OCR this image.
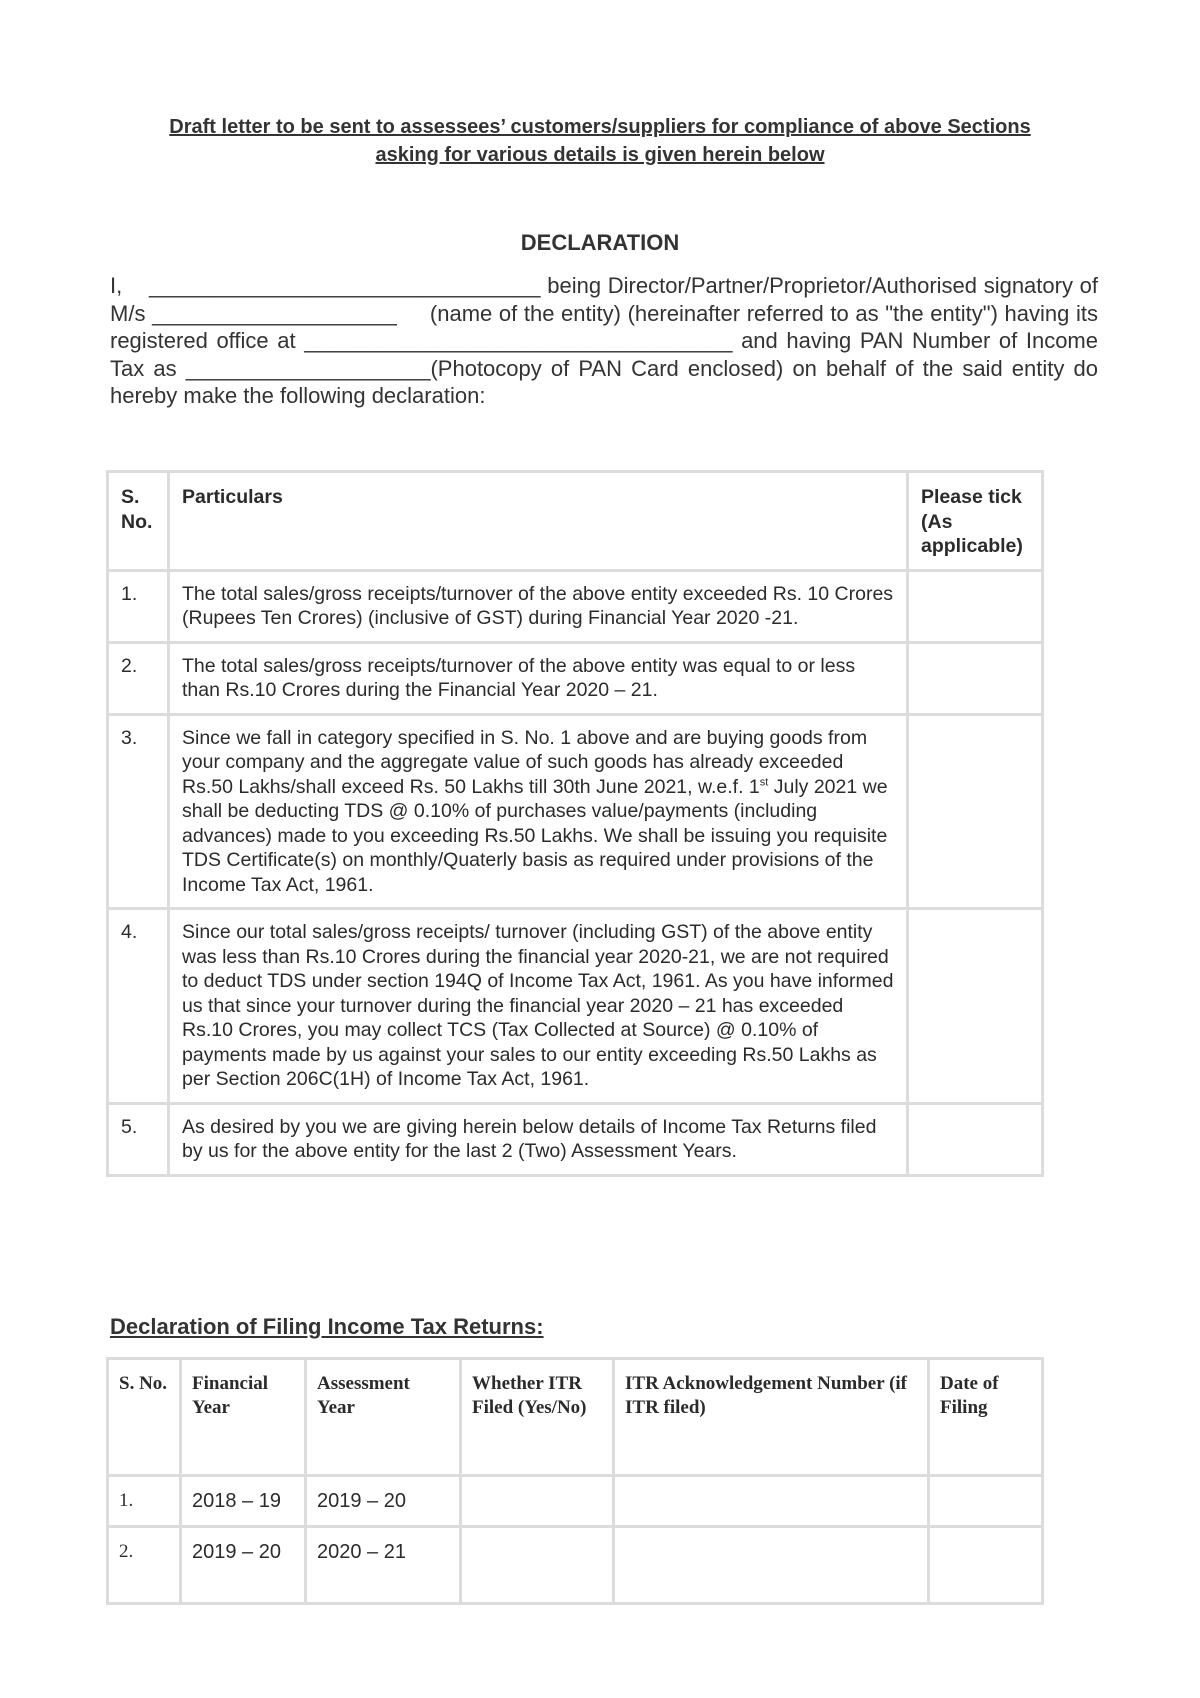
Draft letter to be sent to assessees’ customers/suppliers for compliance of above Sections
asking for various details is given herein below
DECLARATION
I, ________________________________ being Director/Partner/Proprietor/Authorised signatory of M/s ____________________     (name of the entity) (hereinafter referred to as "the entity") having its registered office at ___________________________________ and having PAN Number of Income Tax as ____________________(Photocopy of PAN Card enclosed) on behalf of the said entity do hereby make the following declaration:
S. No.	Particulars	Please tick (As applicable)
1.	The total sales/gross receipts/turnover of the above entity exceeded Rs. 10 Crores (Rupees Ten Crores) (inclusive of GST) during Financial Year 2020 -21.	
2.	The total sales/gross receipts/turnover of the above entity was equal to or less than Rs.10 Crores during the Financial Year 2020 – 21.	
3.	Since we fall in category specified in S. No. 1 above and are buying goods from your company and the aggregate value of such goods has already exceeded Rs.50 Lakhs/shall exceed Rs. 50 Lakhs till 30th June 2021, w.e.f. 1st July 2021 we shall be deducting TDS @ 0.10% of purchases value/payments (including advances) made to you exceeding Rs.50 Lakhs. We shall be issuing you requisite TDS Certificate(s) on monthly/Quaterly basis as required under provisions of the Income Tax Act, 1961.	
4.	Since our total sales/gross receipts/ turnover (including GST) of the above entity was less than Rs.10 Crores during the financial year 2020-21, we are not required to deduct TDS under section 194Q of Income Tax Act, 1961. As you have informed us that since your turnover during the financial year 2020 – 21 has exceeded Rs.10 Crores, you may collect TCS (Tax Collected at Source) @ 0.10% of payments made by us against your sales to our entity exceeding Rs.50 Lakhs as per Section 206C(1H) of Income Tax Act, 1961.	
5.	As desired by you we are giving herein below details of Income Tax Returns filed by us for the above entity for the last 2 (Two) Assessment Years.	
Declaration of Filing Income Tax Returns:
S. No.	Financial Year	Assessment Year	Whether ITR Filed (Yes/No)	ITR Acknowledgement Number (if ITR filed)	Date of Filing
1.	2018 – 19	2019 – 20			
2.	2019 – 20	2020 – 21			
